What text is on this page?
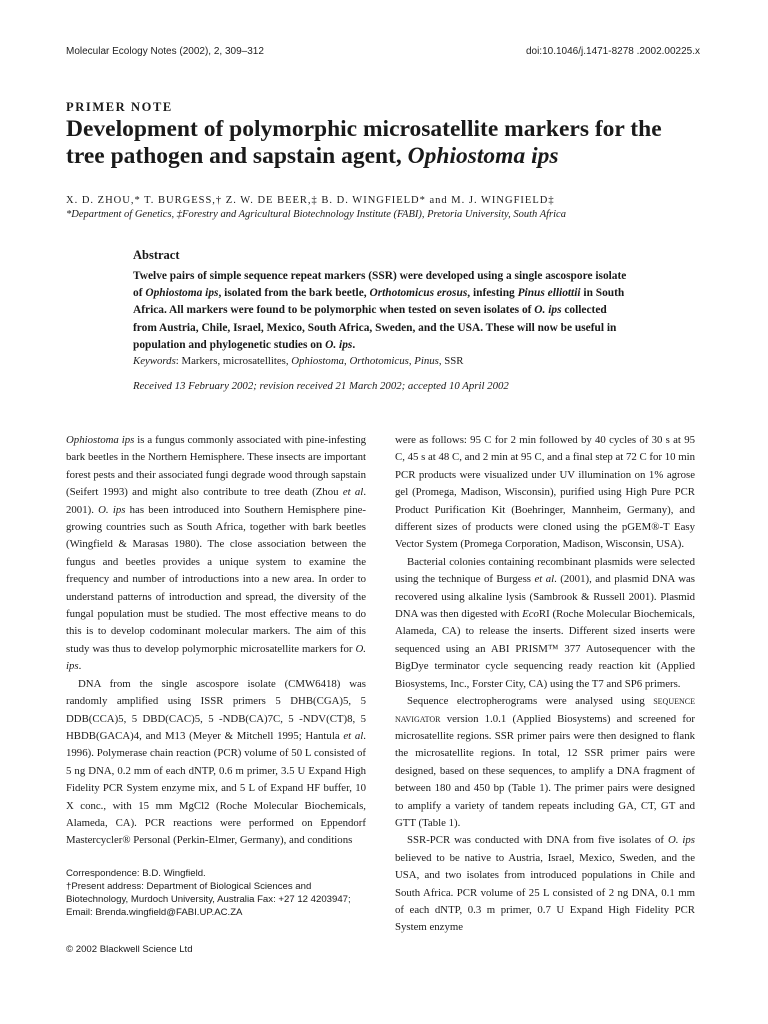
Molecular Ecology Notes (2002), 2, 309–312	doi:10.1046/j.1471-8278 .2002.00225.x
PRIMER NOTE
Development of polymorphic microsatellite markers for the tree pathogen and sapstain agent, Ophiostoma ips
X. D. ZHOU,* T. BURGESS,† Z. W. DE BEER,‡ B. D. WINGFIELD* and M. J. WINGFIELD‡
*Department of Genetics, ‡Forestry and Agricultural Biotechnology Institute (FABI), Pretoria University, South Africa
Abstract

Twelve pairs of simple sequence repeat markers (SSR) were developed using a single ascospore isolate of Ophiostoma ips, isolated from the bark beetle, Orthotomicus erosus, infesting Pinus elliottii in South Africa. All markers were found to be polymorphic when tested on seven isolates of O. ips collected from Austria, Chile, Israel, Mexico, South Africa, Sweden, and the USA. These will now be useful in population and phylogenetic studies on O. ips.

Keywords: Markers, microsatellites, Ophiostoma, Orthotomicus, Pinus, SSR
Received 13 February 2002; revision received 21 March 2002; accepted 10 April 2002

Ophiostoma ips is a fungus commonly associated with pine-infesting bark beetles in the Northern Hemisphere. These insects are important forest pests and their associated fungi degrade wood through sapstain (Seifert 1993) and might also contribute to tree death (Zhou et al. 2001). O. ips has been introduced into Southern Hemisphere pine-growing countries such as South Africa, together with bark beetles (Wingfield & Marasas 1980). The close association between the fungus and beetles provides a unique system to examine the frequency and number of introductions into a new area. In order to understand patterns of introduction and spread, the diversity of the fungal population must be studied. The most effective means to do this is to develop codominant molecular markers. The aim of this study was thus to develop polymorphic microsatellite markers for O. ips.

DNA from the single ascospore isolate (CMW6418) was randomly amplified using ISSR primers 5 DHB(CGA)5, 5 DDB(CCA)5, 5 DBD(CAC)5, 5 -NDB(CA)7C, 5 -NDV(CT)8, 5 HBDB(GACA)4, and M13 (Meyer & Mitchell 1995; Hantula et al. 1996). Polymerase chain reaction (PCR) volume of 50 L consisted of 5 ng DNA, 0.2 mm of each dNTP, 0.6 m primer, 3.5 U Expand High Fidelity PCR System enzyme mix, and 5 L of Expand HF buffer, 10 X conc., with 15 mm MgCl2 (Roche Molecular Biochemicals, Alameda, CA). PCR reactions were performed on Eppendorf Mastercycler® Personal (Perkin-Elmer, Germany), and conditions

were as follows: 95 C for 2 min followed by 40 cycles of 30 s at 95 C, 45 s at 48 C, and 2 min at 95 C, and a final step at 72 C for 10 min PCR products were visualized under UV illumination on 1% agrose gel (Promega, Madison, Wisconsin), purified using High Pure PCR Product Purification Kit (Boehringer, Mannheim, Germany), and different sizes of products were cloned using the pGEM®-T Easy Vector System (Promega Corporation, Madison, Wisconsin, USA).

Bacterial colonies containing recombinant plasmids were selected using the technique of Burgess et al. (2001), and plasmid DNA was recovered using alkaline lysis (Sambrook & Russell 2001). Plasmid DNA was then digested with EcoRI (Roche Molecular Biochemicals, Alameda, CA) to release the inserts. Different sized inserts were sequenced using an ABI PRISM™ 377 Autosequencer with the BigDye terminator cycle sequencing ready reaction kit (Applied Biosystems, Inc., Forster City, CA) using the T7 and SP6 primers.

Sequence electropherograms were analysed using sequence navigator version 1.0.1 (Applied Biosystems) and screened for microsatellite regions. SSR primer pairs were then designed to flank the microsatellite regions. In total, 12 SSR primer pairs were designed, based on these sequences, to amplify a DNA fragment of between 180 and 450 bp (Table 1). The primer pairs were designed to amplify a variety of tandem repeats including GA, CT, GT and GTT (Table 1).

SSR-PCR was conducted with DNA from five isolates of O. ips believed to be native to Austria, Israel, Mexico, Sweden, and the USA, and two isolates from introduced populations in Chile and South Africa. PCR volume of 25 L consisted of 2 ng DNA, 0.1 mm of each dNTP, 0.3 m primer, 0.7 U Expand High Fidelity PCR System enzyme

Correspondence: B.D. Wingfield.
†Present address: Department of Biological Sciences and Biotechnology, Murdoch University, Australia Fax: +27 12 4203947; Email: Brenda.wingfield@FABI.UP.AC.ZA
© 2002 Blackwell Science Ltd
